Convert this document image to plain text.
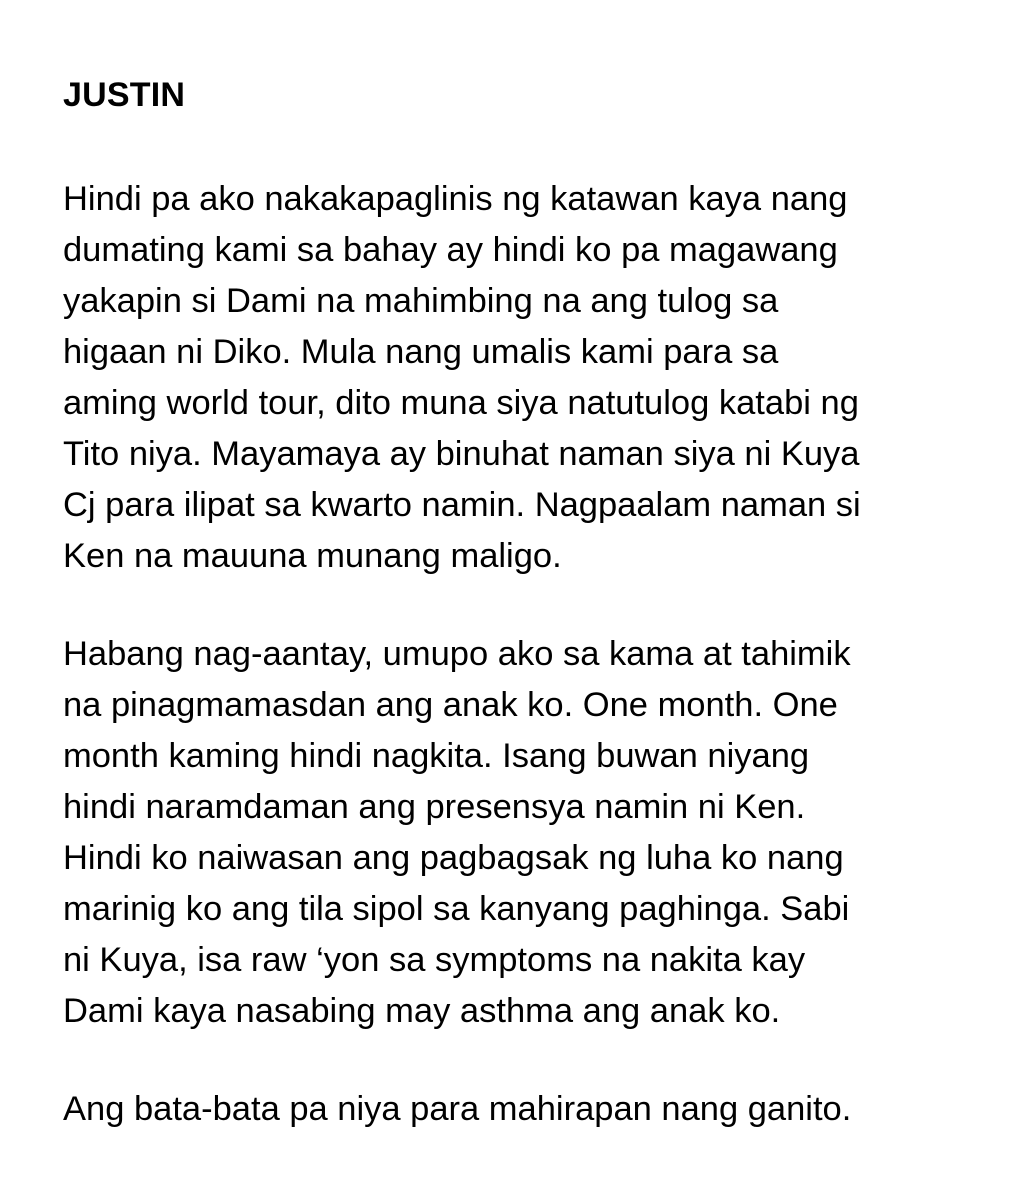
JUSTIN
Hindi pa ako nakakapaglinis ng katawan kaya nang
dumating kami sa bahay ay hindi ko pa magawang
yakapin si Dami na mahimbing na ang tulog sa
higaan ni Diko. Mula nang umalis kami para sa
aming world tour, dito muna siya natutulog katabi ng
Tito niya. Mayamaya ay binuhat naman siya ni Kuya
Cj para ilipat sa kwarto namin. Nagpaalam naman si
Ken na mauuna munang maligo.
Habang nag-aantay, umupo ako sa kama at tahimik
na pinagmamasdan ang anak ko. One month. One
month kaming hindi nagkita. Isang buwan niyang
hindi naramdaman ang presensya namin ni Ken.
Hindi ko naiwasan ang pagbagsak ng luha ko nang
marinig ko ang tila sipol sa kanyang paghinga. Sabi
ni Kuya, isa raw ‘yon sa symptoms na nakita kay
Dami kaya nasabing may asthma ang anak ko.
Ang bata-bata pa niya para mahirapan nang ganito.
